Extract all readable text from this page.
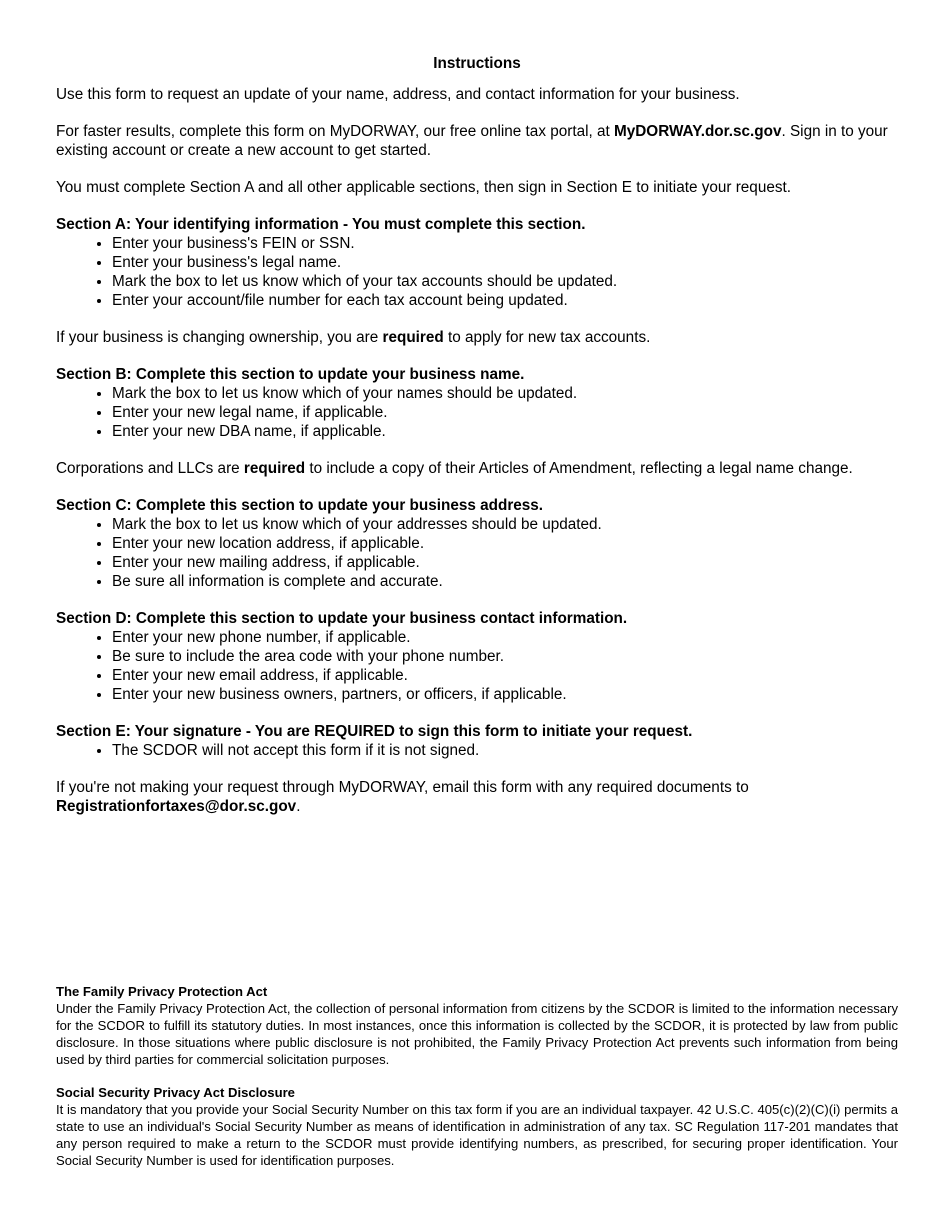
Instructions

Use this form to request an update of your name, address, and contact information for your business.

For faster results, complete this form on MyDORWAY, our free online tax portal, at MyDORWAY.dor.sc.gov. Sign in to your existing account or create a new account to get started.

You must complete Section A and all other applicable sections, then sign in Section E to initiate your request.

Section A: Your identifying information - You must complete this section.
• Enter your business's FEIN or SSN.
• Enter your business's legal name.
• Mark the box to let us know which of your tax accounts should be updated.
• Enter your account/file number for each tax account being updated.

If your business is changing ownership, you are required to apply for new tax accounts.

Section B: Complete this section to update your business name.
• Mark the box to let us know which of your names should be updated.
• Enter your new legal name, if applicable.
• Enter your new DBA name, if applicable.

Corporations and LLCs are required to include a copy of their Articles of Amendment, reflecting a legal name change.

Section C: Complete this section to update your business address.
• Mark the box to let us know which of your addresses should be updated.
• Enter your new location address, if applicable.
• Enter your new mailing address, if applicable.
• Be sure all information is complete and accurate.
Section D: Complete this section to update your business contact information.
• Enter your new phone number, if applicable.
• Be sure to include the area code with your phone number.
• Enter your new email address, if applicable.
• Enter your new business owners, partners, or officers, if applicable.
Section E: Your signature - You are REQUIRED to sign this form to initiate your request.
• The SCDOR will not accept this form if it is not signed.

If you're not making your request through MyDORWAY, email this form with any required documents to
Registrationfortaxes@dor.sc.gov.

The Family Privacy Protection Act
Under the Family Privacy Protection Act, the collection of personal information from citizens by the SCDOR is limited to the information necessary for the SCDOR to fulfill its statutory duties. In most instances, once this information is collected by the SCDOR, it is protected by law from public disclosure. In those situations where public disclosure is not prohibited, the Family Privacy Protection Act prevents such information from being used by third parties for commercial solicitation purposes.
Social Security Privacy Act Disclosure
It is mandatory that you provide your Social Security Number on this tax form if you are an individual taxpayer. 42 U.S.C. 405(c)(2)(C)(i) permits a state to use an individual's Social Security Number as means of identification in administration of any tax. SC Regulation 117-201 mandates that any person required to make a return to the SCDOR must provide identifying numbers, as prescribed, for securing proper identification. Your Social Security Number is used for identification purposes.
